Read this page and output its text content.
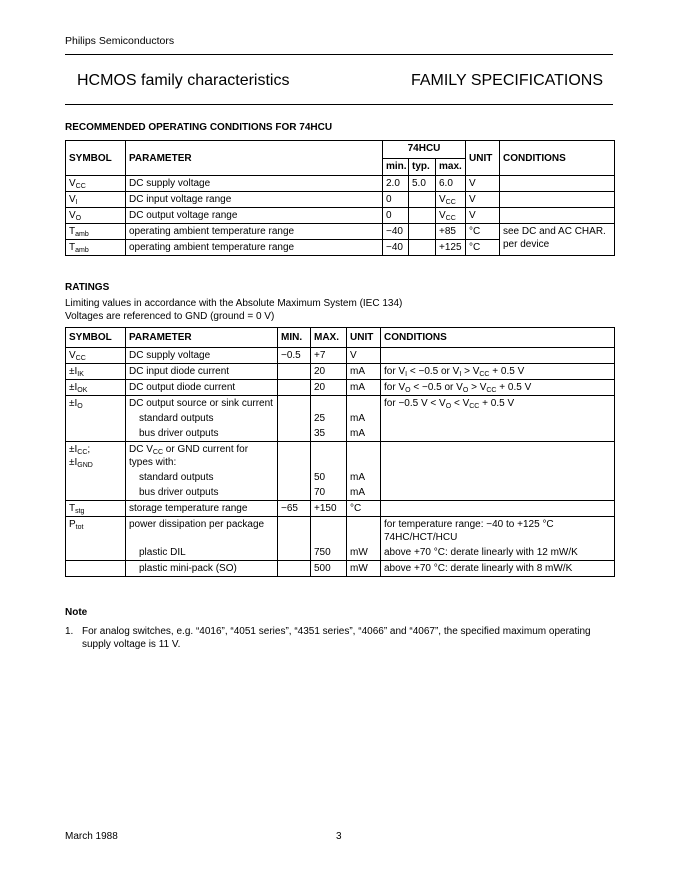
Philips Semiconductors
HCMOS family characteristics	FAMILY SPECIFICATIONS
RECOMMENDED OPERATING CONDITIONS FOR 74HCU
SYMBOL	PARAMETER	74HCU			UNIT	CONDITIONS
		min.	typ.	max.		
$V_{CC}$	DC supply voltage	2.0	5.0	6.0	V	
$V_I$	DC input voltage range	0		$V_{CC}$	V	
$V_O$	DC output voltage range	0		$V_{CC}$	V	
$T_{amb}$	operating ambient temperature range	−40		+85	°C	see DC and AC CHAR. per device
$T_{amb}$	operating ambient temperature range	−40		+125	°C	
RATINGS
Limiting values in accordance with the Absolute Maximum System (IEC 134)
Voltages are referenced to GND (ground = 0 V)
SYMBOL	PARAMETER	MIN.	MAX.	UNIT	CONDITIONS
$V_{CC}$	DC supply voltage	−0.5	+7	V	
$\pm I_{IK}$	DC input diode current		20	mA	for $V_I < -0.5$ or $V_I > V_{CC} + 0.5$ V
$\pm I_{OK}$	DC output diode current		20	mA	for $V_O < -0.5$ or $V_O > V_{CC} + 0.5$ V
$\pm I_O$	DC output source or sink current				for −0.5 $V < V_O < V_{CC} + 0.5$ V
	standard outputs		25	mA	
	bus driver outputs		35	mA	
$\pm I_{CC}$;
$\pm I_{GND}$	DC $V_{CC}$ or GND current for types with:				
	standard outputs		50	mA	
	bus driver outputs		70	mA	
$T_{stg}$	storage temperature range	−65	+150	°C	
$P_{tot}$	power dissipation per package				for temperature range: −40 to +125 °C 74HC/HCT/HCU
	plastic DIL		750	mW	above +70 °C: derate linearly with 12 mW/K
	plastic mini-pack (SO)		500	mW	above +70 °C: derate linearly with 8 mW/K
Note
1. For analog switches, e.g. “4016”, “4051 series”, “4351 series”, “4066” and “4067”, the specified maximum operating supply voltage is 11 V.
March 1988	3
